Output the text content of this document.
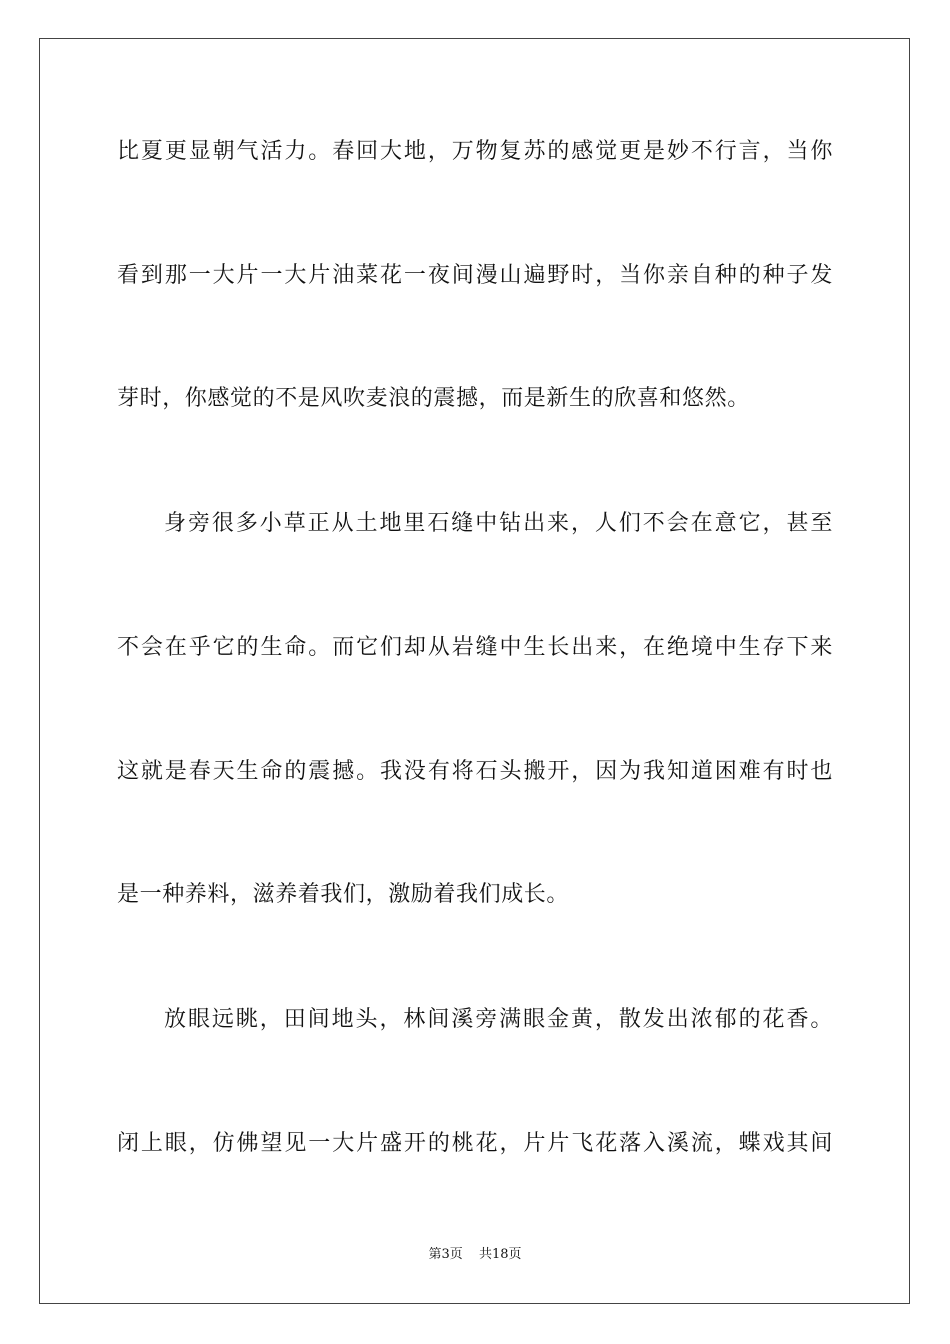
比夏更显朝气活力。春回大地，万物复苏的感觉更是妙不行言，当你
看到那一大片一大片油菜花一夜间漫山遍野时，当你亲自种的种子发
芽时，你感觉的不是风吹麦浪的震撼，而是新生的欣喜和悠然。
身旁很多小草正从土地里石缝中钻出来，人们不会在意它，甚至
不会在乎它的生命。而它们却从岩缝中生长出来，在绝境中生存下来
这就是春天生命的震撼。我没有将石头搬开，因为我知道困难有时也
是一种养料，滋养着我们，激励着我们成长。
放眼远眺，田间地头，林间溪旁满眼金黄，散发出浓郁的花香。
闭上眼，仿佛望见一大片盛开的桃花，片片飞花落入溪流，蝶戏其间
第3页 共18页
